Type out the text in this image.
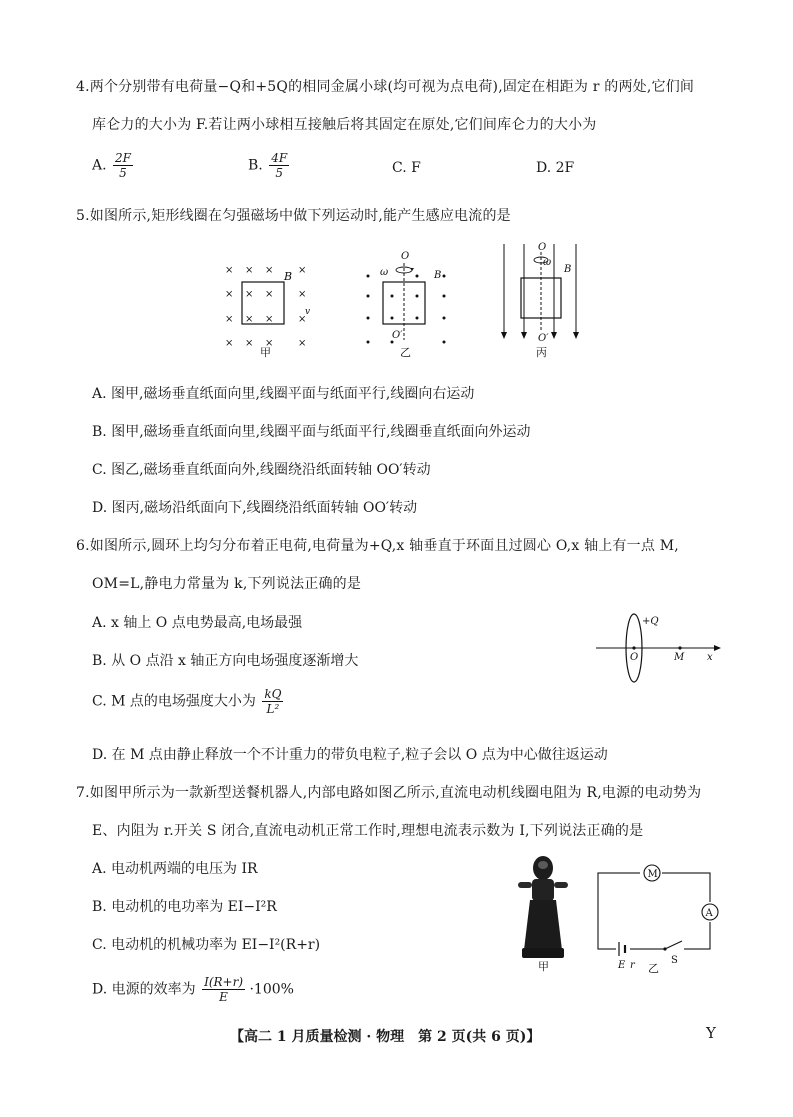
4.两个分别带有电荷量−Q和+5Q的相同金属小球(均可视为点电荷),固定在相距为 r 的两处,它们间
库仑力的大小为 F.若让两小球相互接触后将其固定在原处,它们间库仑力的大小为
A. $\frac{2F}{5}$	B. $\frac{4F}{5}$	C. F	D. 2F
5.如图所示,矩形线圈在匀强磁场中做下列运动时,能产生感应电流的是
× × × ×
× × × ×
× × × ×
× × × ×
B
v
甲
O
O′
ω	B
乙
O
O′
ω
B
丙
A. 图甲,磁场垂直纸面向里,线圈平面与纸面平行,线圈向右运动
B. 图甲,磁场垂直纸面向里,线圈平面与纸面平行,线圈垂直纸面向外运动
C. 图乙,磁场垂直纸面向外,线圈绕沿纸面转轴 OO′转动
D. 图丙,磁场沿纸面向下,线圈绕沿纸面转轴 OO′转动
6.如图所示,圆环上均匀分布着正电荷,电荷量为+Q,x 轴垂直于环面且过圆心 O,x 轴上有一点 M,
OM=L,静电力常量为 k,下列说法正确的是
A. x 轴上 O 点电势最高,电场最强
B. 从 O 点沿 x 轴正方向电场强度逐渐增大
C. M 点的电场强度大小为 $\frac{kQ}{\text{L²}}$
D. 在 M 点由静止释放一个不计重力的带负电粒子,粒子会以 O 点为中心做往返运动
+Q
O	M x
7.如图甲所示为一款新型送餐机器人,内部电路如图乙所示,直流电动机线圈电阻为 R,电源的电动势为
E、内阻为 r.开关 S 闭合,直流电动机正常工作时,理想电流表示数为 I,下列说法正确的是
A. 电动机两端的电压为 IR
B. 电动机的电功率为 EI−I²R
C. 电动机的机械功率为 EI−I²(R+r)
D. 电源的效率为 $\frac{I(R+r)}{E} \cdot 100\%$
甲
M
A
E r	S
乙
【高二 1 月质量检测 · 物理　第 2 页(共 6 页)】	Y
